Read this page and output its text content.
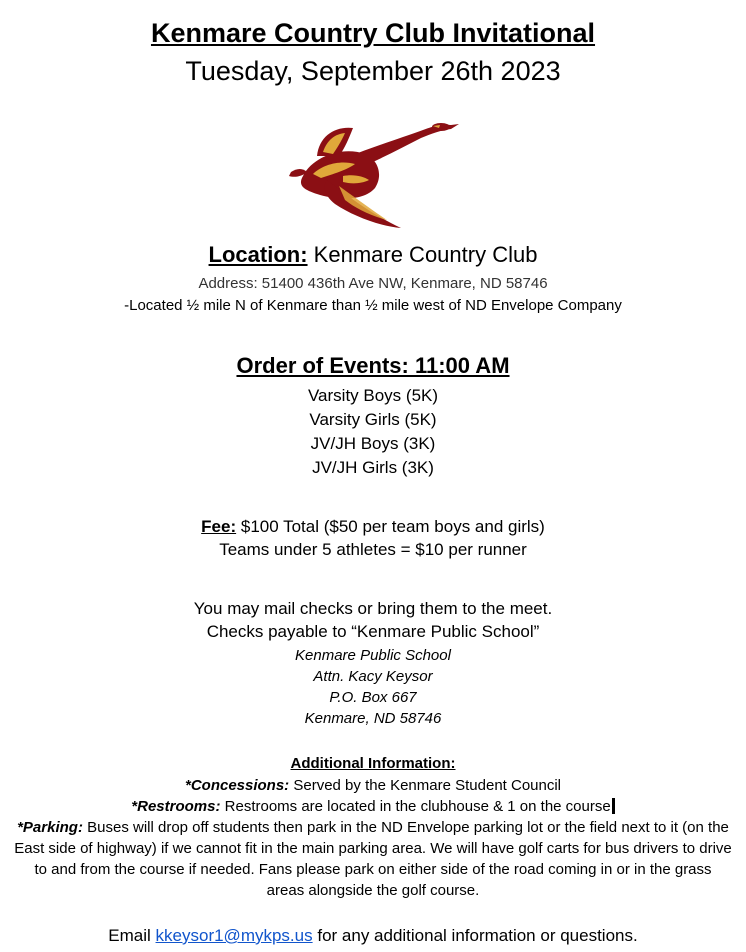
Kenmare Country Club Invitational
Tuesday, September 26th 2023
Location: Kenmare Country Club
Address: 51400 436th Ave NW, Kenmare, ND 58746
-Located ½ mile N of Kenmare than ½ mile west of ND Envelope Company
Order of Events: 11:00 AM
Varsity Boys (5K)
Varsity Girls (5K)
JV/JH Boys (3K)
JV/JH Girls (3K)
Fee: $100 Total ($50 per team boys and girls)
Teams under 5 athletes = $10 per runner
You may mail checks or bring them to the meet.
Checks payable to “Kenmare Public School”
Kenmare Public School
Attn. Kacy Keysor
P.O. Box 667
Kenmare, ND 58746
Additional Information:
*Concessions: Served by the Kenmare Student Council
*Restrooms: Restrooms are located in the clubhouse & 1 on the course
*Parking: Buses will drop off students then park in the ND Envelope parking lot or the field next to it (on the East side of highway) if we cannot fit in the main parking area. We will have golf carts for bus drivers to drive to and from the course if needed. Fans please park on either side of the road coming in or in the grass areas alongside the golf course.
Email kkeysor1@mykps.us for any additional information or questions.
